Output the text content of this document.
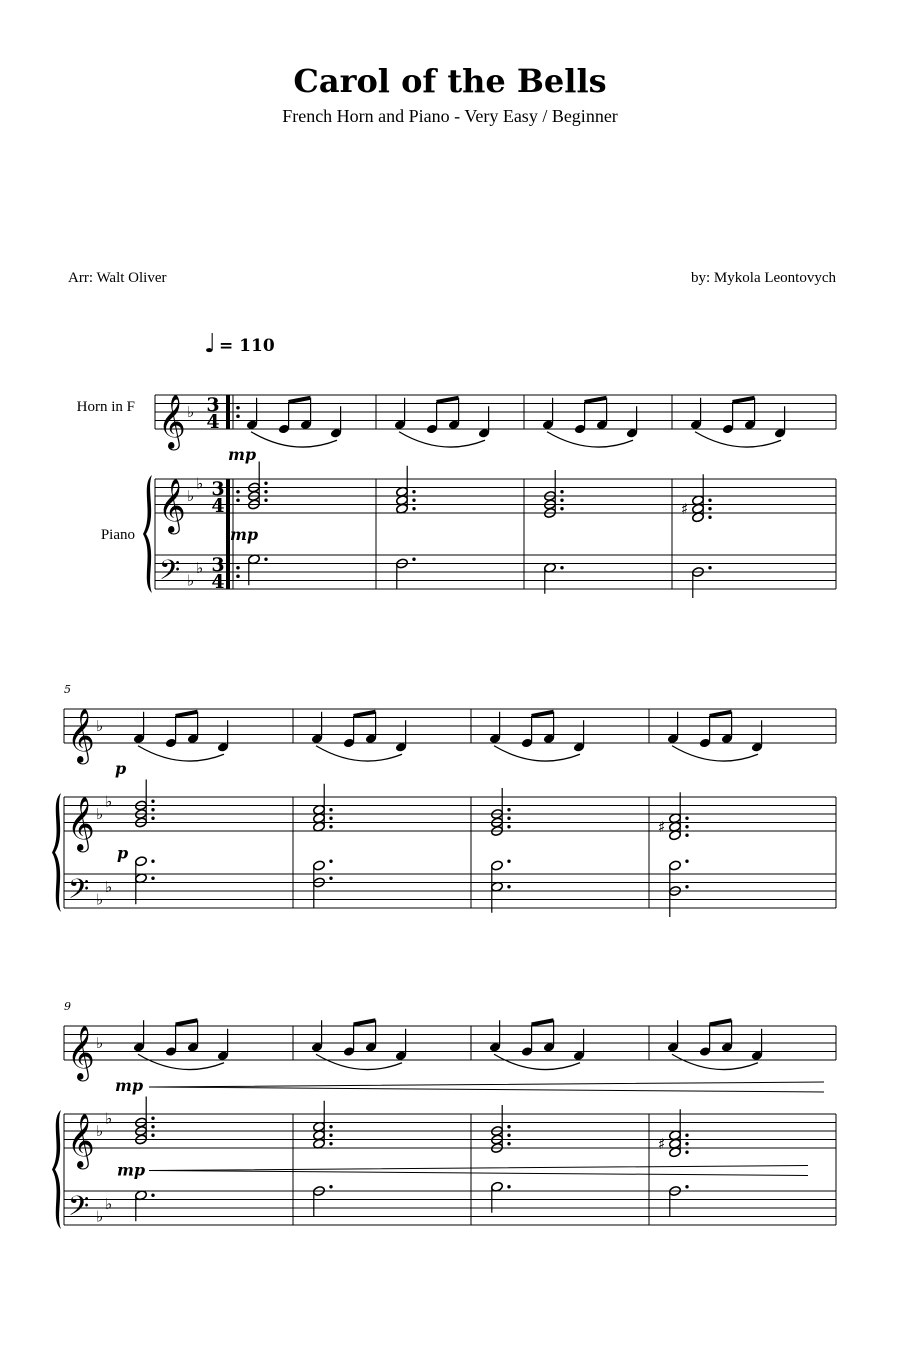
Carol of the Bells
French Horn and Piano - Very Easy / Beginner
Arr: Walt Oliver	by: Mykola Leontovych
♩ = 110
𝄞
𝄞
𝄢
♭
♭
♭
♭
♭
3
4
3
4
3
4
Horn in F
Piano
♯
mp
mp
𝄞
𝄞
𝄢
♭
♭
♭
♭
♭
5
♯
p
p
𝄞
𝄞
𝄢
♭
♭
♭
♭
♭
9
♯
mp
mp
